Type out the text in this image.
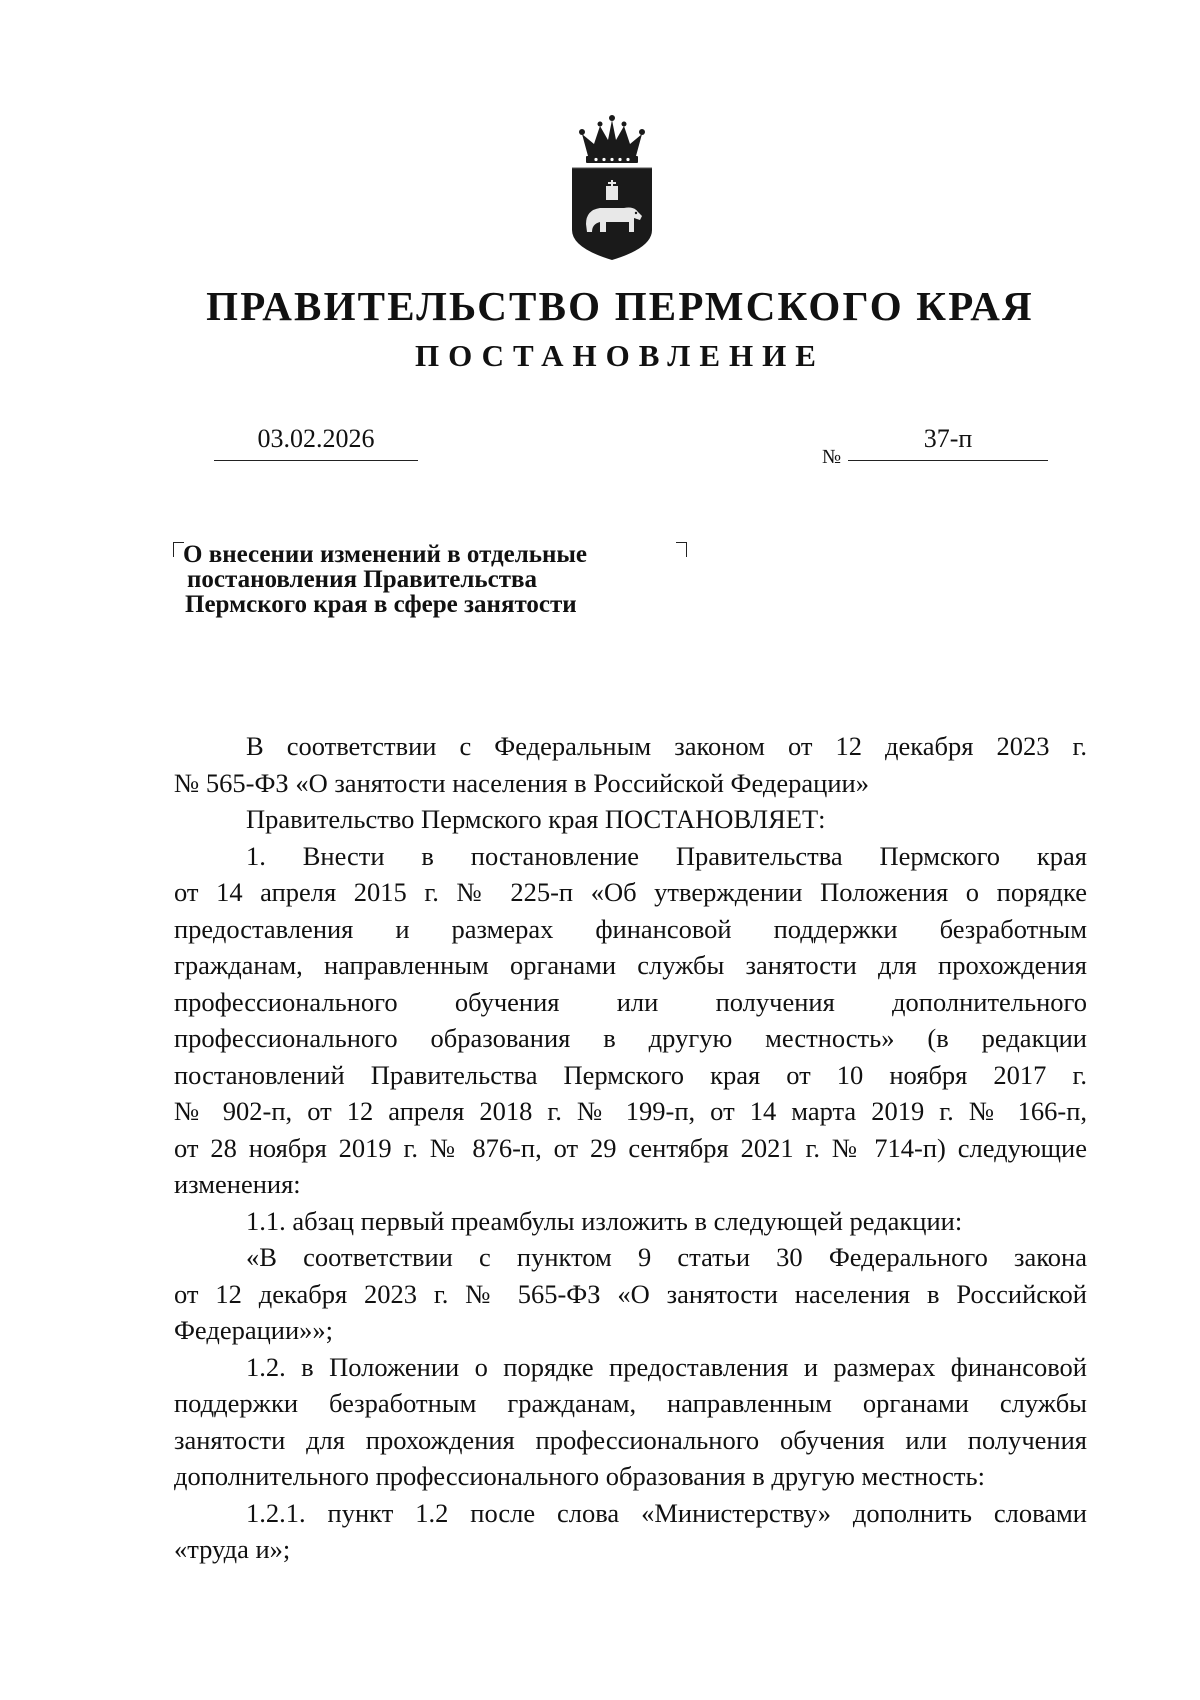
ПРАВИТЕЛЬСТВО ПЕРМСКОГО КРАЯ
ПОСТАНОВЛЕНИЕ
03.02.2026
№
37-п
О внесении изменений в отдельные
постановления Правительства
Пермского края в сфере занятости

В соответствии с Федеральным законом от 12 декабря 2023 г.

№ 565-ФЗ «О занятости населения в Российской Федерации»

Правительство Пермского края ПОСТАНОВЛЯЕТ:

1. Внести в постановление Правительства Пермского края

от 14 апреля 2015 г. № 225-п «Об утверждении Положения о порядке

предоставления и размерах финансовой поддержки безработным

гражданам, направленным органами службы занятости для прохождения

профессионального обучения или получения дополнительного

профессионального образования в другую местность» (в редакции

постановлений Правительства Пермского края от 10 ноября 2017 г.

№ 902-п, от 12 апреля 2018 г. № 199-п, от 14 марта 2019 г. № 166-п,

от 28 ноября 2019 г. № 876-п, от 29 сентября 2021 г. № 714-п) следующие

изменения:

1.1. абзац первый преамбулы изложить в следующей редакции:

«В соответствии с пунктом 9 статьи 30 Федерального закона

от 12 декабря 2023 г. № 565-ФЗ «О занятости населения в Российской

Федерации»»;

1.2. в Положении о порядке предоставления и размерах финансовой

поддержки безработным гражданам, направленным органами службы

занятости для прохождения профессионального обучения или получения

дополнительного профессионального образования в другую местность:

1.2.1. пункт 1.2 после слова «Министерству» дополнить словами

«труда и»;
